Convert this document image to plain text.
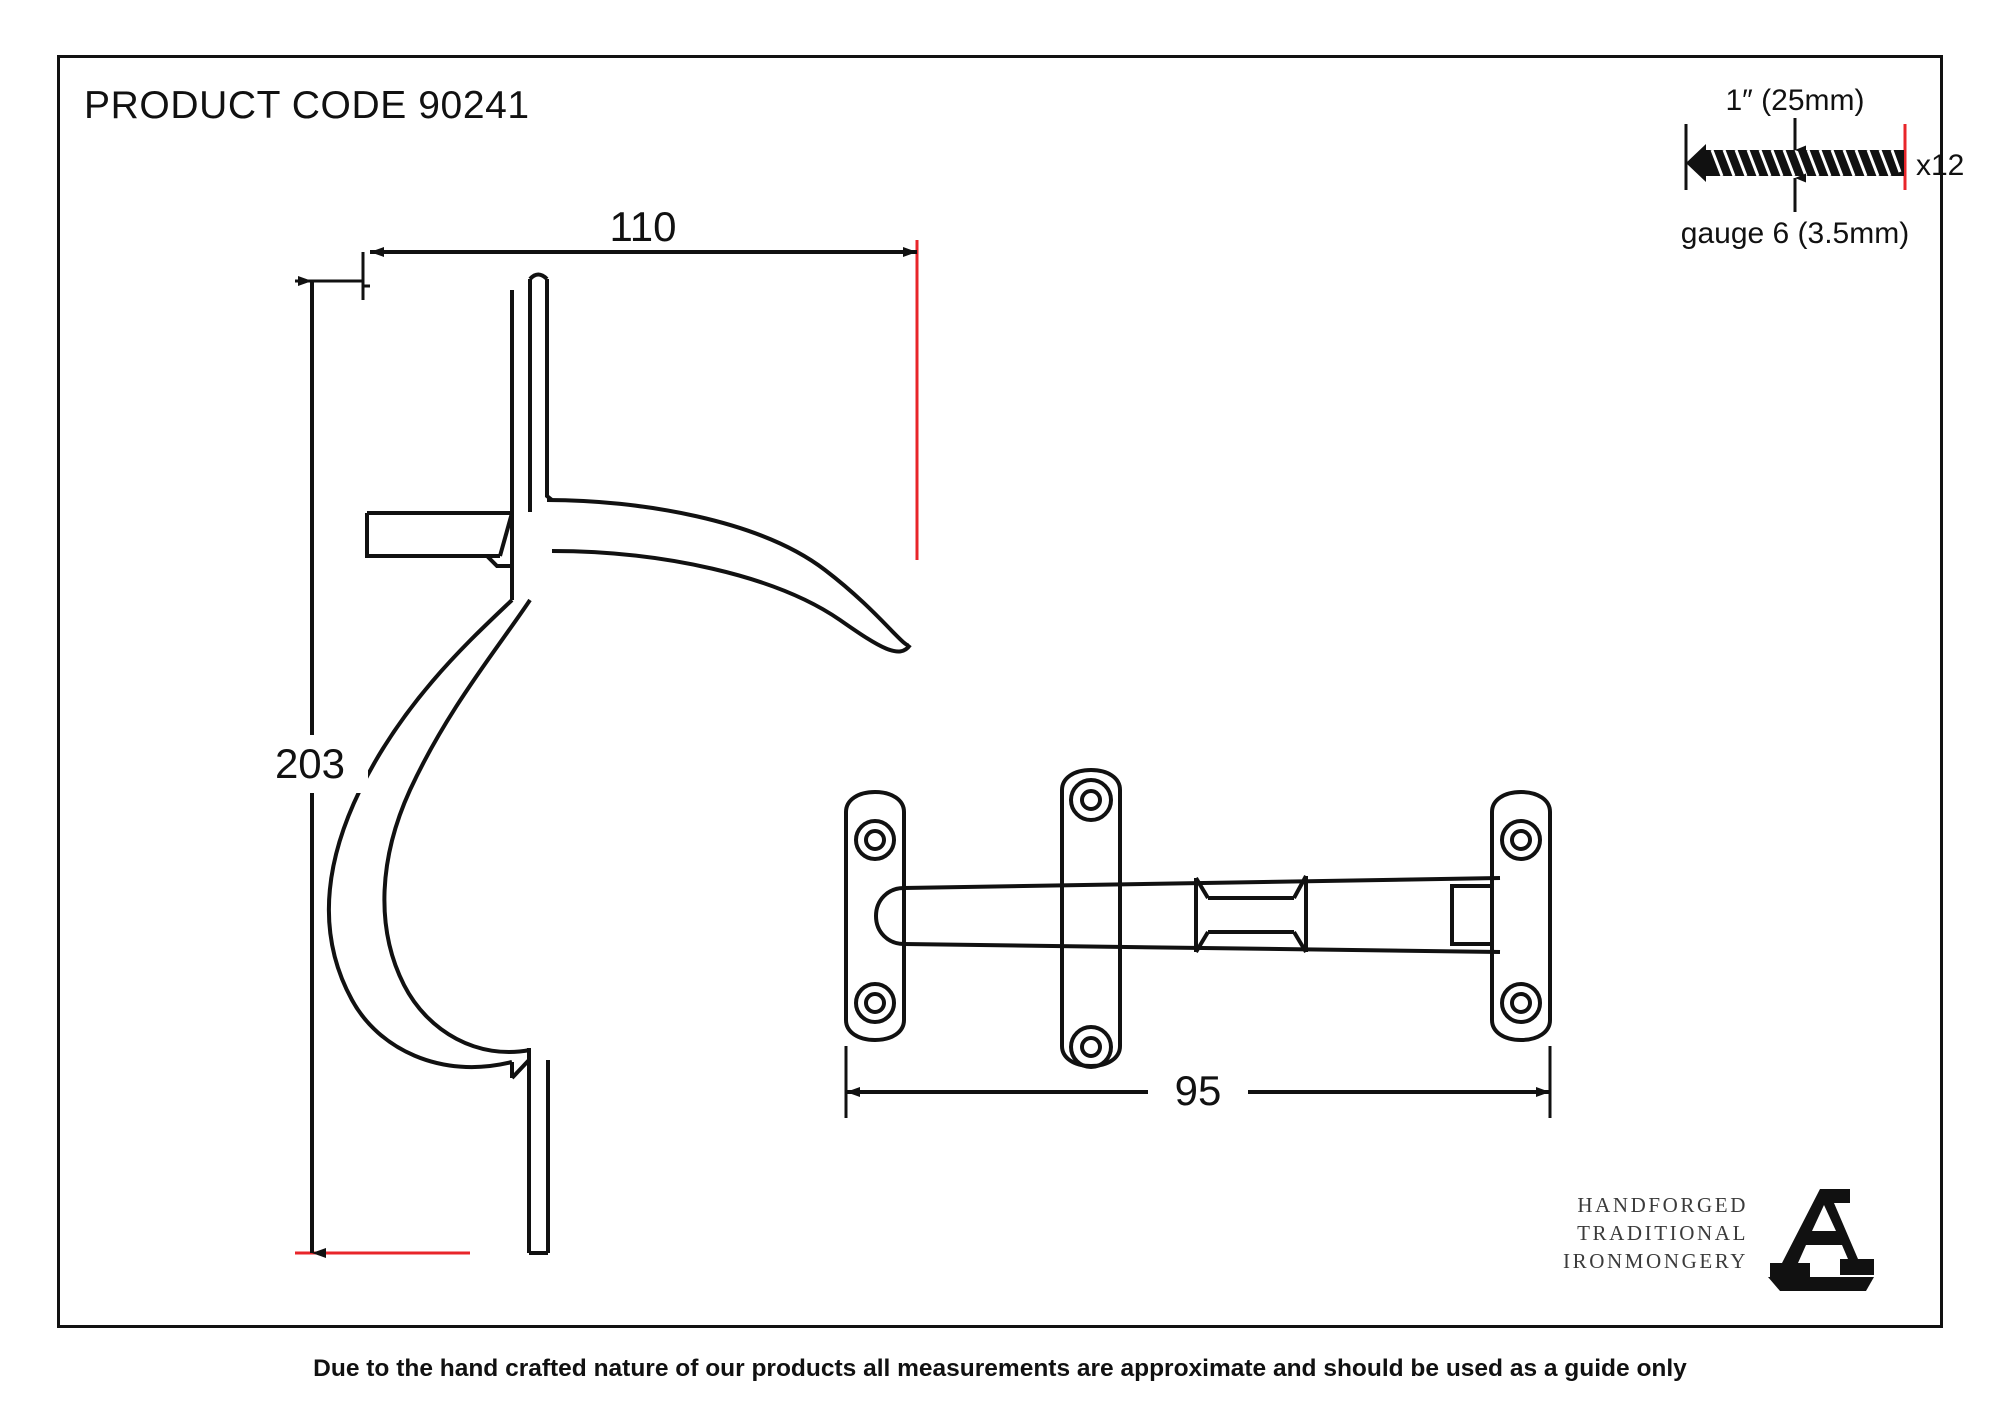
PRODUCT CODE 90241	1″ (25mm)
x12
gauge 6 (3.5mm)
110
203
95
HANDFORGED
TRADITIONAL
IRONMONGERY
Due to the hand crafted nature of our products all measurements are approximate and should be used as a guide only
